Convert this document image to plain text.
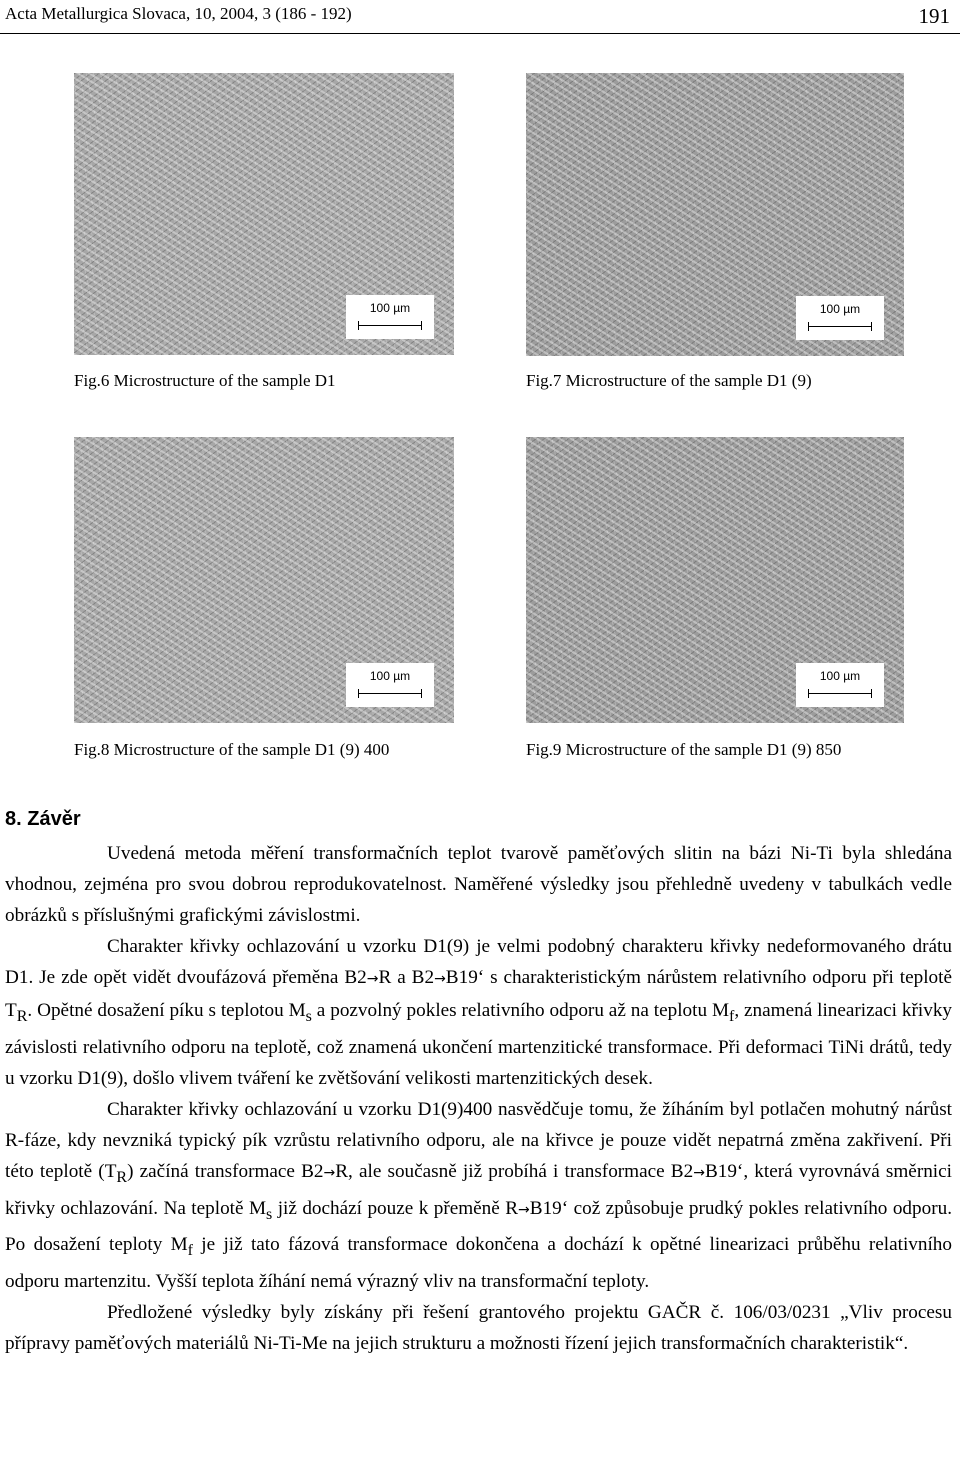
Acta Metallurgica Slovaca, 10, 2004, 3 (186 - 192)	191
100 µm
Fig.6 Microstructure of the sample D1
100 µm
Fig.7 Microstructure of the sample D1 (9)
100 µm
Fig.8 Microstructure of the sample D1 (9) 400
100 µm
Fig.9 Microstructure of the sample D1 (9) 850
8. Závěr

Uvedená metoda měření transformačních teplot tvarově paměťových slitin na bázi Ni-Ti byla shledána vhodnou, zejména pro svou dobrou reprodukovatelnost. Naměřené výsledky jsou přehledně uvedeny v tabulkách vedle obrázků s příslušnými grafickými závislostmi.

Charakter křivky ochlazování u vzorku D1(9) je velmi podobný charakteru křivky nedeformovaného drátu D1. Je zde opět vidět dvoufázová přeměna B2→R a B2→B19‘ s charakteristickým nárůstem relativního odporu při teplotě $T_R$. Opětné dosažení píku s teplotou $M_s$ a pozvolný pokles relativního odporu až na teplotu $M_f$, znamená linearizaci křivky závislosti relativního odporu na teplotě, což znamená ukončení martenzitické transformace. Při deformaci TiNi drátů, tedy u vzorku D1(9), došlo vlivem tváření ke zvětšování velikosti martenzitických desek.

Charakter křivky ochlazování u vzorku D1(9)400 nasvědčuje tomu, že žíháním byl potlačen mohutný nárůst R-fáze, kdy nevzniká typický pík vzrůstu relativního odporu, ale na křivce je pouze vidět nepatrná změna zakřivení. Při této teplotě $(T_R)$ začíná transformace B2→R, ale současně již probíhá i transformace B2→B19‘, která vyrovnává směrnici křivky ochlazování. Na teplotě $M_s$ již dochází pouze k přeměně R→B19‘ což způsobuje prudký pokles relativního odporu. Po dosažení teploty $M_f$ je již tato fázová transformace dokončena a dochází k opětné linearizaci průběhu relativního odporu martenzitu. Vyšší teplota žíhání nemá výrazný vliv na transformační teploty.

Předložené výsledky byly získány při řešení grantového projektu GAČR č. 106/03/0231 „Vliv procesu přípravy paměťových materiálů Ni-Ti-Me na jejich strukturu a možnosti řízení jejich transformačních charakteristik“.
